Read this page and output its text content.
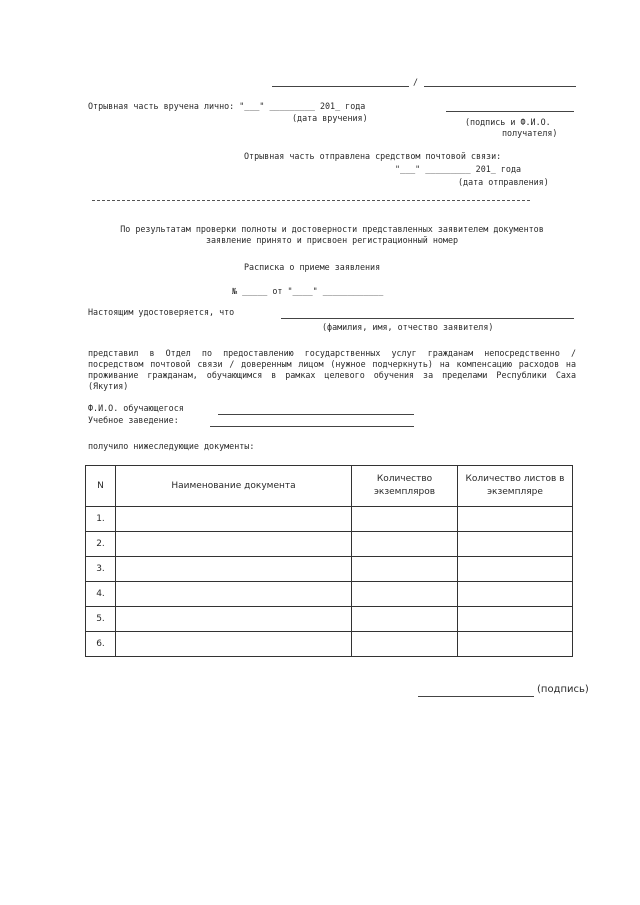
/
Отрывная часть вручена лично: "___" _________ 201_ года
(дата вручения)	(подпись и Ф.И.О.
получателя)
Отрывная часть отправлена средством почтовой связи:
"___" _________ 201_ года
(дата отправления)
По результатам проверки полноты и достоверности представленных заявителем документов заявление принято и присвоен регистрационный номер
Расписка о приеме заявления
№ _____ от "____" ____________
Настоящим удостоверяется, что
(фамилия, имя, отчество заявителя)
представил в Отдел по предоставлению государственных услуг гражданам непосредственно / посредством почтовой связи / доверенным лицом (нужное подчеркнуть) на компенсацию расходов на проживание гражданам, обучающимся в рамках целевого обучения за пределами Республики Саха (Якутия)
Ф.И.О. обучающегося
Учебное заведение:
получило нижеследующие документы:
N	Наименование документа	Количество экземпляров	Количество листов в экземпляре
1.			
2.			
3.			
4.			
5.			
6.			
(подпись)
